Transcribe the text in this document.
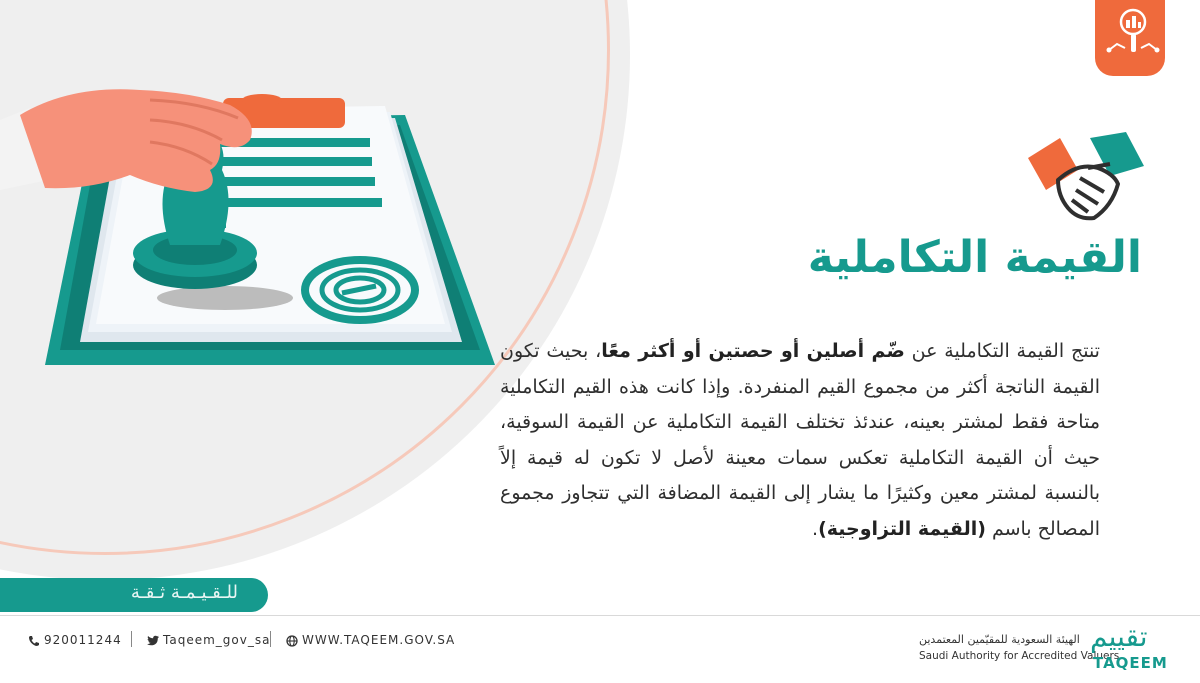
القيمة التكاملية
تنتج القيمة التكاملية عن ضّم أصلين أو حصتين أو أكثر معًا، بحيث تكون القيمة الناتجة أكثر من مجموع القيم المنفردة. وإذا كانت هذه القيم التكاملية متاحة فقط لمشتر بعينه، عندئذ تختلف القيمة التكاملية عن القيمة السوقية، حيث أن القيمة التكاملية تعكس سمات معينة لأصل لا تكون له قيمة إلاً بالنسبة لمشتر معين وكثيرًا ما يشار إلى القيمة المضافة التي تتجاوز مجموع المصالح باسم (القيمة التزاوجية).
للـقـيـمـة ثـقـة
920011244	Taqeem_gov_sa	WWW.TAQEEM.GOV.SA	الهيئة السعودية للمقيّمين المعتمدين
Saudi Authority for Accredited Valuers
تقييم
TAQEEM
